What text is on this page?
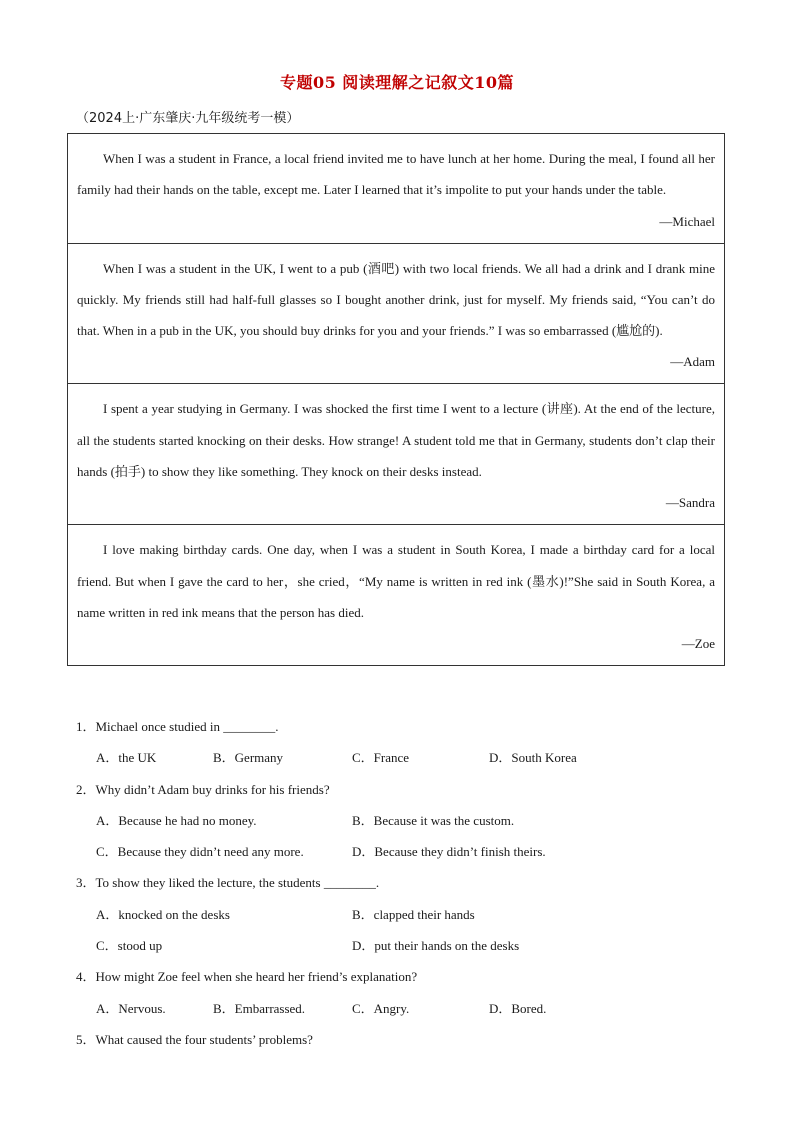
专题05 阅读理解之记叙文10篇
（2024上·广东肇庆·九年级统考一模）

When I was a student in France, a local friend invited me to have lunch at her home. During the meal, I found all her family had their hands on the table, except me. Later I learned that it’s impolite to put your hands under the table.

—Michael

When I was a student in the UK, I went to a pub (酒吧) with two local friends. We all had a drink and I drank mine quickly. My friends still had half-full glasses so I bought another drink, just for myself. My friends said, “You can’t do that. When in a pub in the UK, you should buy drinks for you and your friends.” I was so embarrassed (尴尬的).

—Adam

I spent a year studying in Germany. I was shocked the first time I went to a lecture (讲座). At the end of the lecture, all the students started knocking on their desks. How strange! A student told me that in Germany, students don’t clap their hands (拍手) to show they like something. They knock on their desks instead.

—Sandra

I love making birthday cards. One day, when I was a student in South Korea, I made a birthday card for a local friend. But when I gave the card to her，she cried，“My name is written in red ink (墨水)!”She said in South Korea, a name written in red ink means that the person has died.

—Zoe
1．Michael once studied in ________.
A．the UK	B．Germany	C．France	D．South Korea
2．Why didn’t Adam buy drinks for his friends?
A．Because he had no money.	B．Because it was the custom.
C．Because they didn’t need any more.	D．Because they didn’t finish theirs.
3．To show they liked the lecture, the students ________.
A．knocked on the desks	B．clapped their hands
C．stood up	D．put their hands on the desks
4．How might Zoe feel when she heard her friend’s explanation?
A．Nervous.	B．Embarrassed.	C．Angry.	D．Bored.
5．What caused the four students’ problems?
